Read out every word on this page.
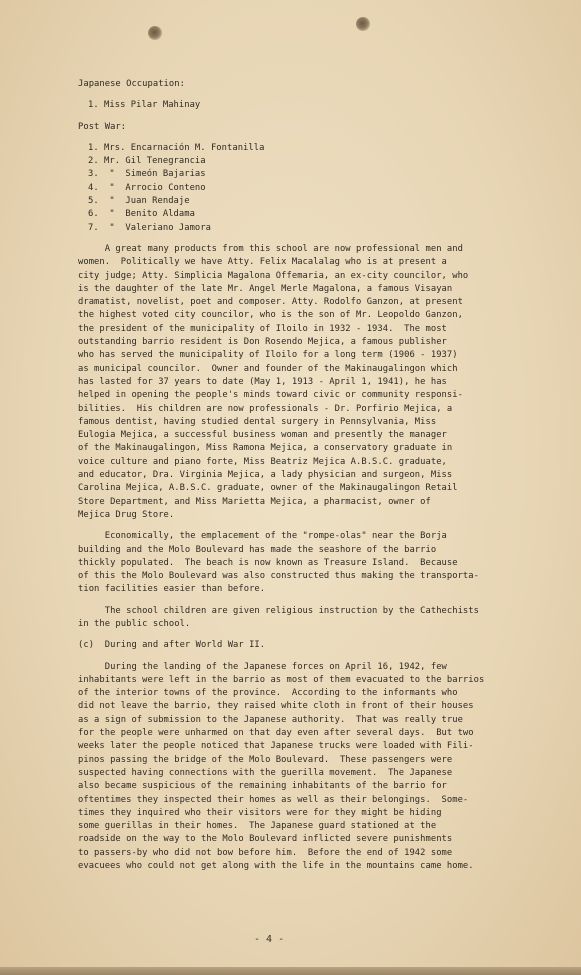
Japanese Occupation:
1. Miss Pilar Mahinay
Post War:
1. Mrs. Encarnación M. Fontanilla
2. Mr. Gil Tenegrancia
3.  "  Simeón Bajarias
4.  "  Arrocio Conteno
5.  "  Juan Rendaje
6.  "  Benito Aldama
7.  "  Valeriano Jamora
A great many products from this school are now professional men and
women.  Politically we have Atty. Felix Macalalag who is at present a
city judge; Atty. Simplicia Magalona Offemaria, an ex-city councilor, who
is the daughter of the late Mr. Angel Merle Magalona, a famous Visayan
dramatist, novelist, poet and composer. Atty. Rodolfo Ganzon, at present
the highest voted city councilor, who is the son of Mr. Leopoldo Ganzon,
the president of the municipality of Iloilo in 1932 - 1934.  The most
outstanding barrio resident is Don Rosendo Mejica, a famous publisher
who has served the municipality of Iloilo for a long term (1906 - 1937)
as municipal councilor.  Owner and founder of the Makinaugalingon which
has lasted for 37 years to date (May 1, 1913 - April 1, 1941), he has
helped in opening the people's minds toward civic or community responsi-
bilities.  His children are now professionals - Dr. Porfirio Mejica, a
famous dentist, having studied dental surgery in Pennsylvania, Miss
Eulogia Mejica, a successful business woman and presently the manager
of the Makinaugalingon, Miss Ramona Mejica, a conservatory graduate in
voice culture and piano forte, Miss Beatriz Mejica A.B.S.C. graduate,
and educator, Dra. Virginia Mejica, a lady physician and surgeon, Miss
Carolina Mejica, A.B.S.C. graduate, owner of the Makinaugalingon Retail
Store Department, and Miss Marietta Mejica, a pharmacist, owner of
Mejica Drug Store.
Economically, the emplacement of the "rompe-olas" near the Borja
building and the Molo Boulevard has made the seashore of the barrio
thickly populated.  The beach is now known as Treasure Island.  Because
of this the Molo Boulevard was also constructed thus making the transporta-
tion facilities easier than before.
The school children are given religious instruction by the Cathechists
in the public school.
(c)  During and after World War II.
During the landing of the Japanese forces on April 16, 1942, few
inhabitants were left in the barrio as most of them evacuated to the barrios
of the interior towns of the province.  According to the informants who
did not leave the barrio, they raised white cloth in front of their houses
as a sign of submission to the Japanese authority.  That was really true
for the people were unharmed on that day even after several days.  But two
weeks later the people noticed that Japanese trucks were loaded with Fili-
pinos passing the bridge of the Molo Boulevard.  These passengers were
suspected having connections with the guerilla movement.  The Japanese
also became suspicious of the remaining inhabitants of the barrio for
oftentimes they inspected their homes as well as their belongings.  Some-
times they inquired who their visitors were for they might be hiding
some guerillas in their homes.  The Japanese guard stationed at the
roadside on the way to the Molo Boulevard inflicted severe punishments
to passers-by who did not bow before him.  Before the end of 1942 some
evacuees who could not get along with the life in the mountains came home.
- 4 -
